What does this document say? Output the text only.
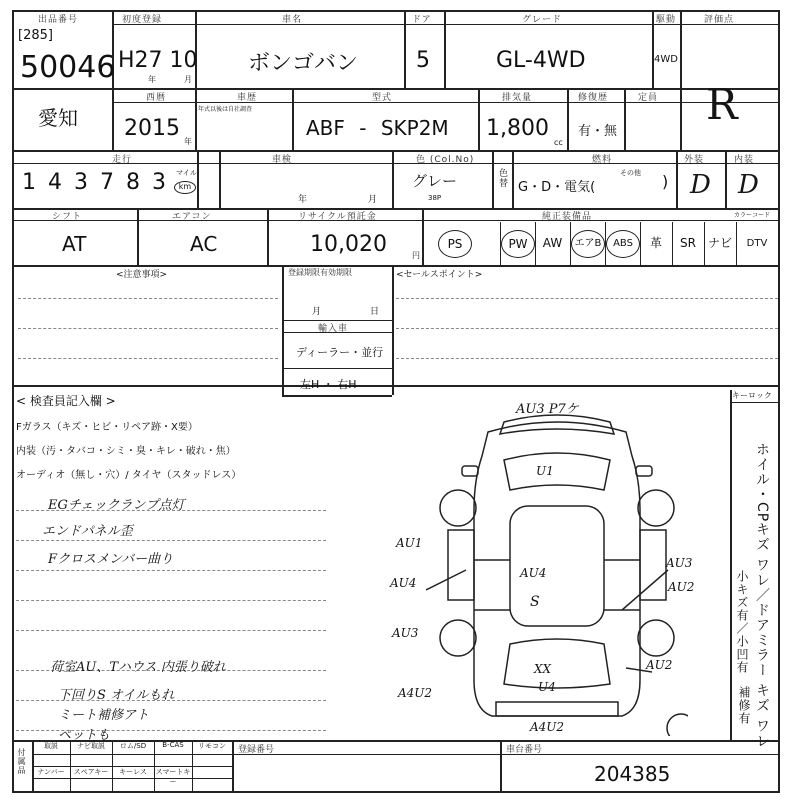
出品番号
[285]
50046
初度登録
H27 10
年	月
車名
ボンゴバン
ドア
5
グレード
GL-4WD
駆動
4WD
評価点
R
愛知
西暦
2015
年
車歴
年式以後は自社調査
型式
ABF - SKP2M
排気量
1,800
cc
修復歴
有・無
定員
走行
1 4 3 7 8 3 マイル
km
車検
年	月
色 (Col.No)
グレー
38P
色替
燃料
G・D・電気(
その他 )
外装	内装
D D
シフト
AT
エアコン
AC
リサイクル預託金
10,020	円
純正装備品	カラーコード
PS	PW	AW	エアB	ABS	革	SR	ナビ	DTV
<注意事項>	登録期限有効期限
月	日
輸入車
ディーラー・並行
左H ・ 右H
<セールスポイント>
< 検査員記入欄 >
Fガラス（キズ・ヒビ・リペア跡・X要）
内装（汚・タバコ・シミ・臭・キレ・破れ・焦）
オーディオ（無し・穴）/ タイヤ（スタッドレス）
EGチェックランプ点灯
エンドパネル歪
Fクロスメンバー曲り
荷室AU、Tハウス 内張り破れ
下回りS オイルもれ
ミート補修アト
ペットも
キーロック
ホイル・CPキズ ワレ／ドアミラー キズ ワレ
小キズ有／小凹有
補修有
AU3 P7ケ
U1
AU1
AU4
AU3
AU4
S
AU3
AU2
AU2
XX
U4
A4U2
A4U2
付属品
取説	ナビ取説	ロム/SD	B-CAS	リモコン
ナンバー	スペアキー	キーレス	スマートキー
登録番号	車台番号
204385
